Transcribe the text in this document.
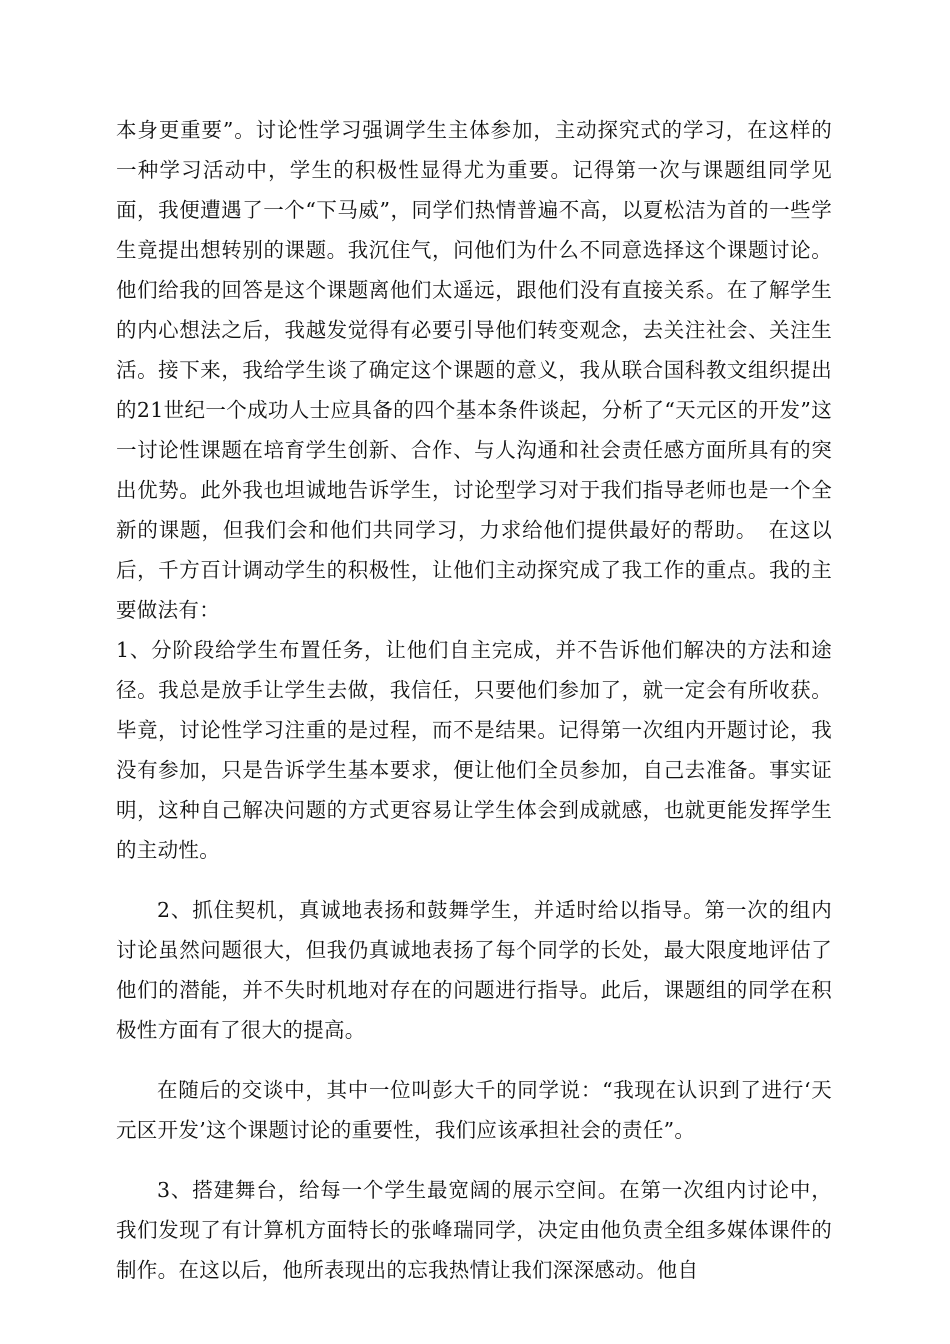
本身更重要”。讨论性学习强调学生主体参加，主动探究式的学习，在这样的一种学习活动中，学生的积极性显得尤为重要。记得第一次与课题组同学见面，我便遭遇了一个“下马威”，同学们热情普遍不高，以夏松洁为首的一些学生竟提出想转别的课题。我沉住气，问他们为什么不同意选择这个课题讨论。他们给我的回答是这个课题离他们太遥远，跟他们没有直接关系。在了解学生的内心想法之后，我越发觉得有必要引导他们转变观念，去关注社会、关注生活。接下来，我给学生谈了确定这个课题的意义，我从联合国科教文组织提出的21世纪一个成功人士应具备的四个基本条件谈起，分析了“天元区的开发”这一讨论性课题在培育学生创新、合作、与人沟通和社会责任感方面所具有的突出优势。此外我也坦诚地告诉学生，讨论型学习对于我们指导老师也是一个全新的课题，但我们会和他们共同学习，力求给他们提供最好的帮助。　在这以后，千方百计调动学生的积极性，让他们主动探究成了我工作的重点。我的主要做法有：

1、分阶段给学生布置任务，让他们自主完成，并不告诉他们解决的方法和途径。我总是放手让学生去做，我信任，只要他们参加了，就一定会有所收获。毕竟，讨论性学习注重的是过程，而不是结果。记得第一次组内开题讨论，我没有参加，只是告诉学生基本要求，便让他们全员参加，自己去准备。事实证明，这种自己解决问题的方式更容易让学生体会到成就感，也就更能发挥学生的主动性。

2、抓住契机，真诚地表扬和鼓舞学生，并适时给以指导。第一次的组内讨论虽然问题很大，但我仍真诚地表扬了每个同学的长处，最大限度地评估了他们的潜能，并不失时机地对存在的问题进行指导。此后，课题组的同学在积极性方面有了很大的提高。

在随后的交谈中，其中一位叫彭大千的同学说：“我现在认识到了进行‘天元区开发’这个课题讨论的重要性，我们应该承担社会的责任”。

3、搭建舞台，给每一个学生最宽阔的展示空间。在第一次组内讨论中，我们发现了有计算机方面特长的张峰瑞同学，决定由他负责全组多媒体课件的制作。在这以后，他所表现出的忘我热情让我们深深感动。他自
